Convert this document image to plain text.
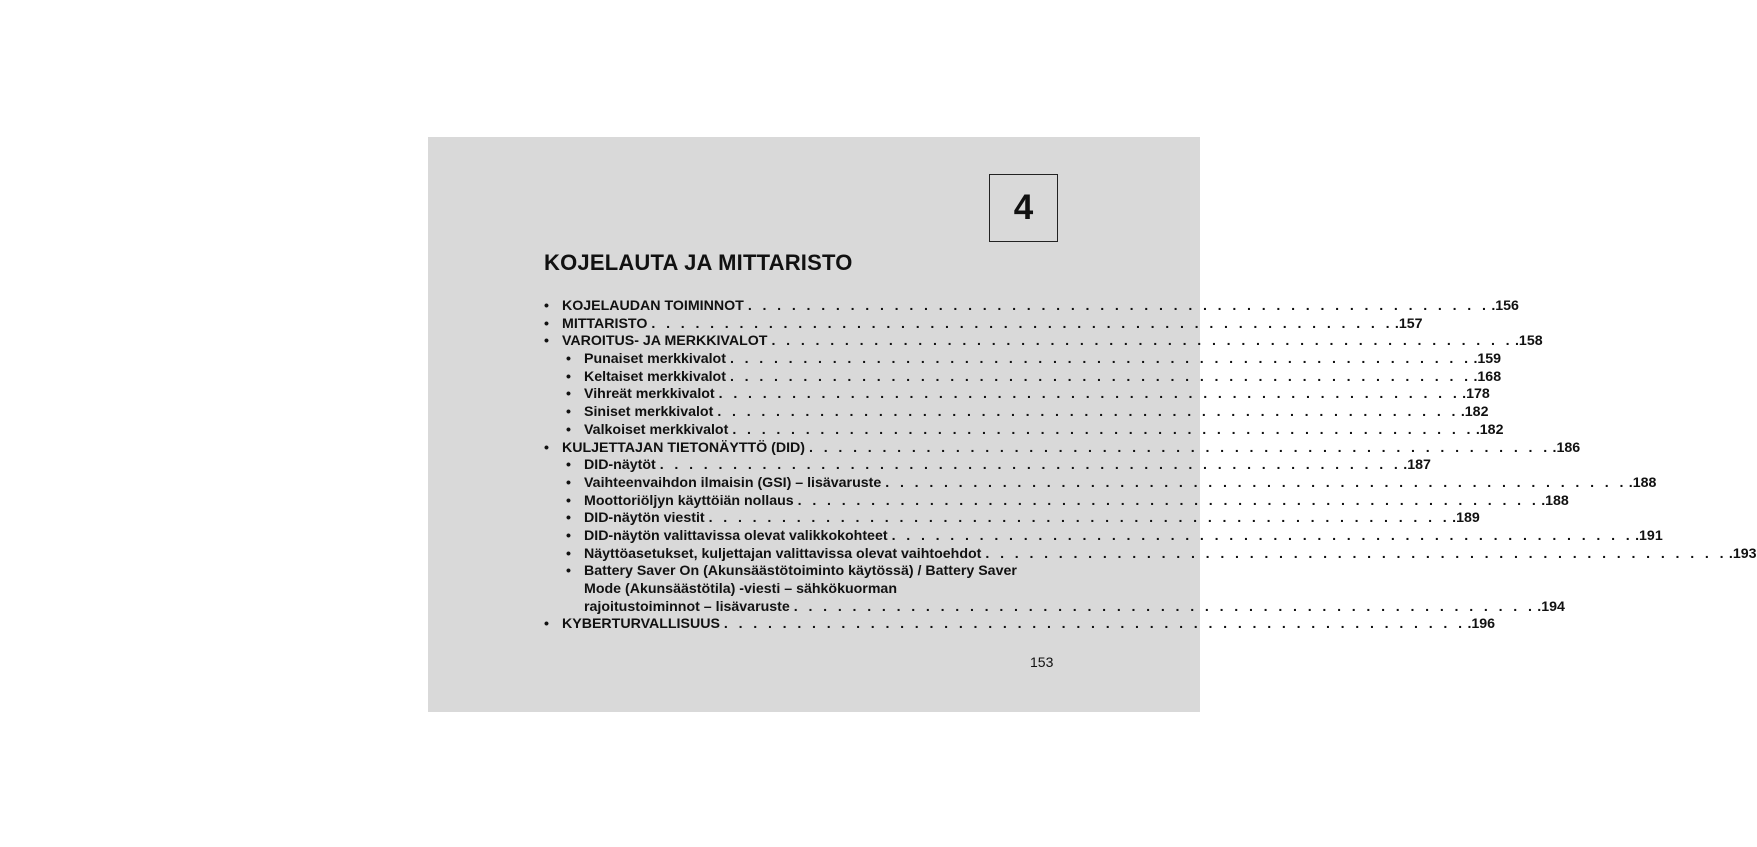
4
KOJELAUTA JA MITTARISTO
• KOJELAUDAN TOIMINNOT . . . . . . . . . . . . . . . . . . . . . . . . . . . . . . . . . . . . . . . . . . . . . . . . . . . .156
• MITTARISTO . . . . . . . . . . . . . . . . . . . . . . . . . . . . . . . . . . . . . . . . . . . . . . . . . . . .157
• VAROITUS- JA MERKKIVALOT . . . . . . . . . . . . . . . . . . . . . . . . . . . . . . . . . . . . . . . . . . . . . . . . . . . .158
• Punaiset merkkivalot . . . . . . . . . . . . . . . . . . . . . . . . . . . . . . . . . . . . . . . . . . . . . . . . . . . .159
• Keltaiset merkkivalot . . . . . . . . . . . . . . . . . . . . . . . . . . . . . . . . . . . . . . . . . . . . . . . . . . . .168
• Vihreät merkkivalot . . . . . . . . . . . . . . . . . . . . . . . . . . . . . . . . . . . . . . . . . . . . . . . . . . . .178
• Siniset merkkivalot . . . . . . . . . . . . . . . . . . . . . . . . . . . . . . . . . . . . . . . . . . . . . . . . . . . .182
• Valkoiset merkkivalot . . . . . . . . . . . . . . . . . . . . . . . . . . . . . . . . . . . . . . . . . . . . . . . . . . . .182
• KULJETTAJAN TIETONÄYTTÖ (DID) . . . . . . . . . . . . . . . . . . . . . . . . . . . . . . . . . . . . . . . . . . . . . . . . . . . .186
• DID-näytöt . . . . . . . . . . . . . . . . . . . . . . . . . . . . . . . . . . . . . . . . . . . . . . . . . . . .187
• Vaihteenvaihdon ilmaisin (GSI) – lisävaruste . . . . . . . . . . . . . . . . . . . . . . . . . . . . . . . . . . . . . . . . . . . . . . . . . . . .188
• Moottoriöljyn käyttöiän nollaus . . . . . . . . . . . . . . . . . . . . . . . . . . . . . . . . . . . . . . . . . . . . . . . . . . . .188
• DID-näytön viestit . . . . . . . . . . . . . . . . . . . . . . . . . . . . . . . . . . . . . . . . . . . . . . . . . . . .189
• DID-näytön valittavissa olevat valikkokohteet . . . . . . . . . . . . . . . . . . . . . . . . . . . . . . . . . . . . . . . . . . . . . . . . . . . .191
• Näyttöasetukset, kuljettajan valittavissa olevat vaihtoehdot . . . . . . . . . . . . . . . . . . . . . . . . . . . . . . . . . . . . . . . . . . . . . . . . . . . .193
• Battery Saver On (Akunsäästötoiminto käytössä) / Battery Saver
Mode (Akunsäästötila) -viesti – sähkökuorman
rajoitustoiminnot – lisävaruste . . . . . . . . . . . . . . . . . . . . . . . . . . . . . . . . . . . . . . . . . . . . . . . . . . . .194
• KYBERTURVALLISUUS . . . . . . . . . . . . . . . . . . . . . . . . . . . . . . . . . . . . . . . . . . . . . . . . . . . .196
153
